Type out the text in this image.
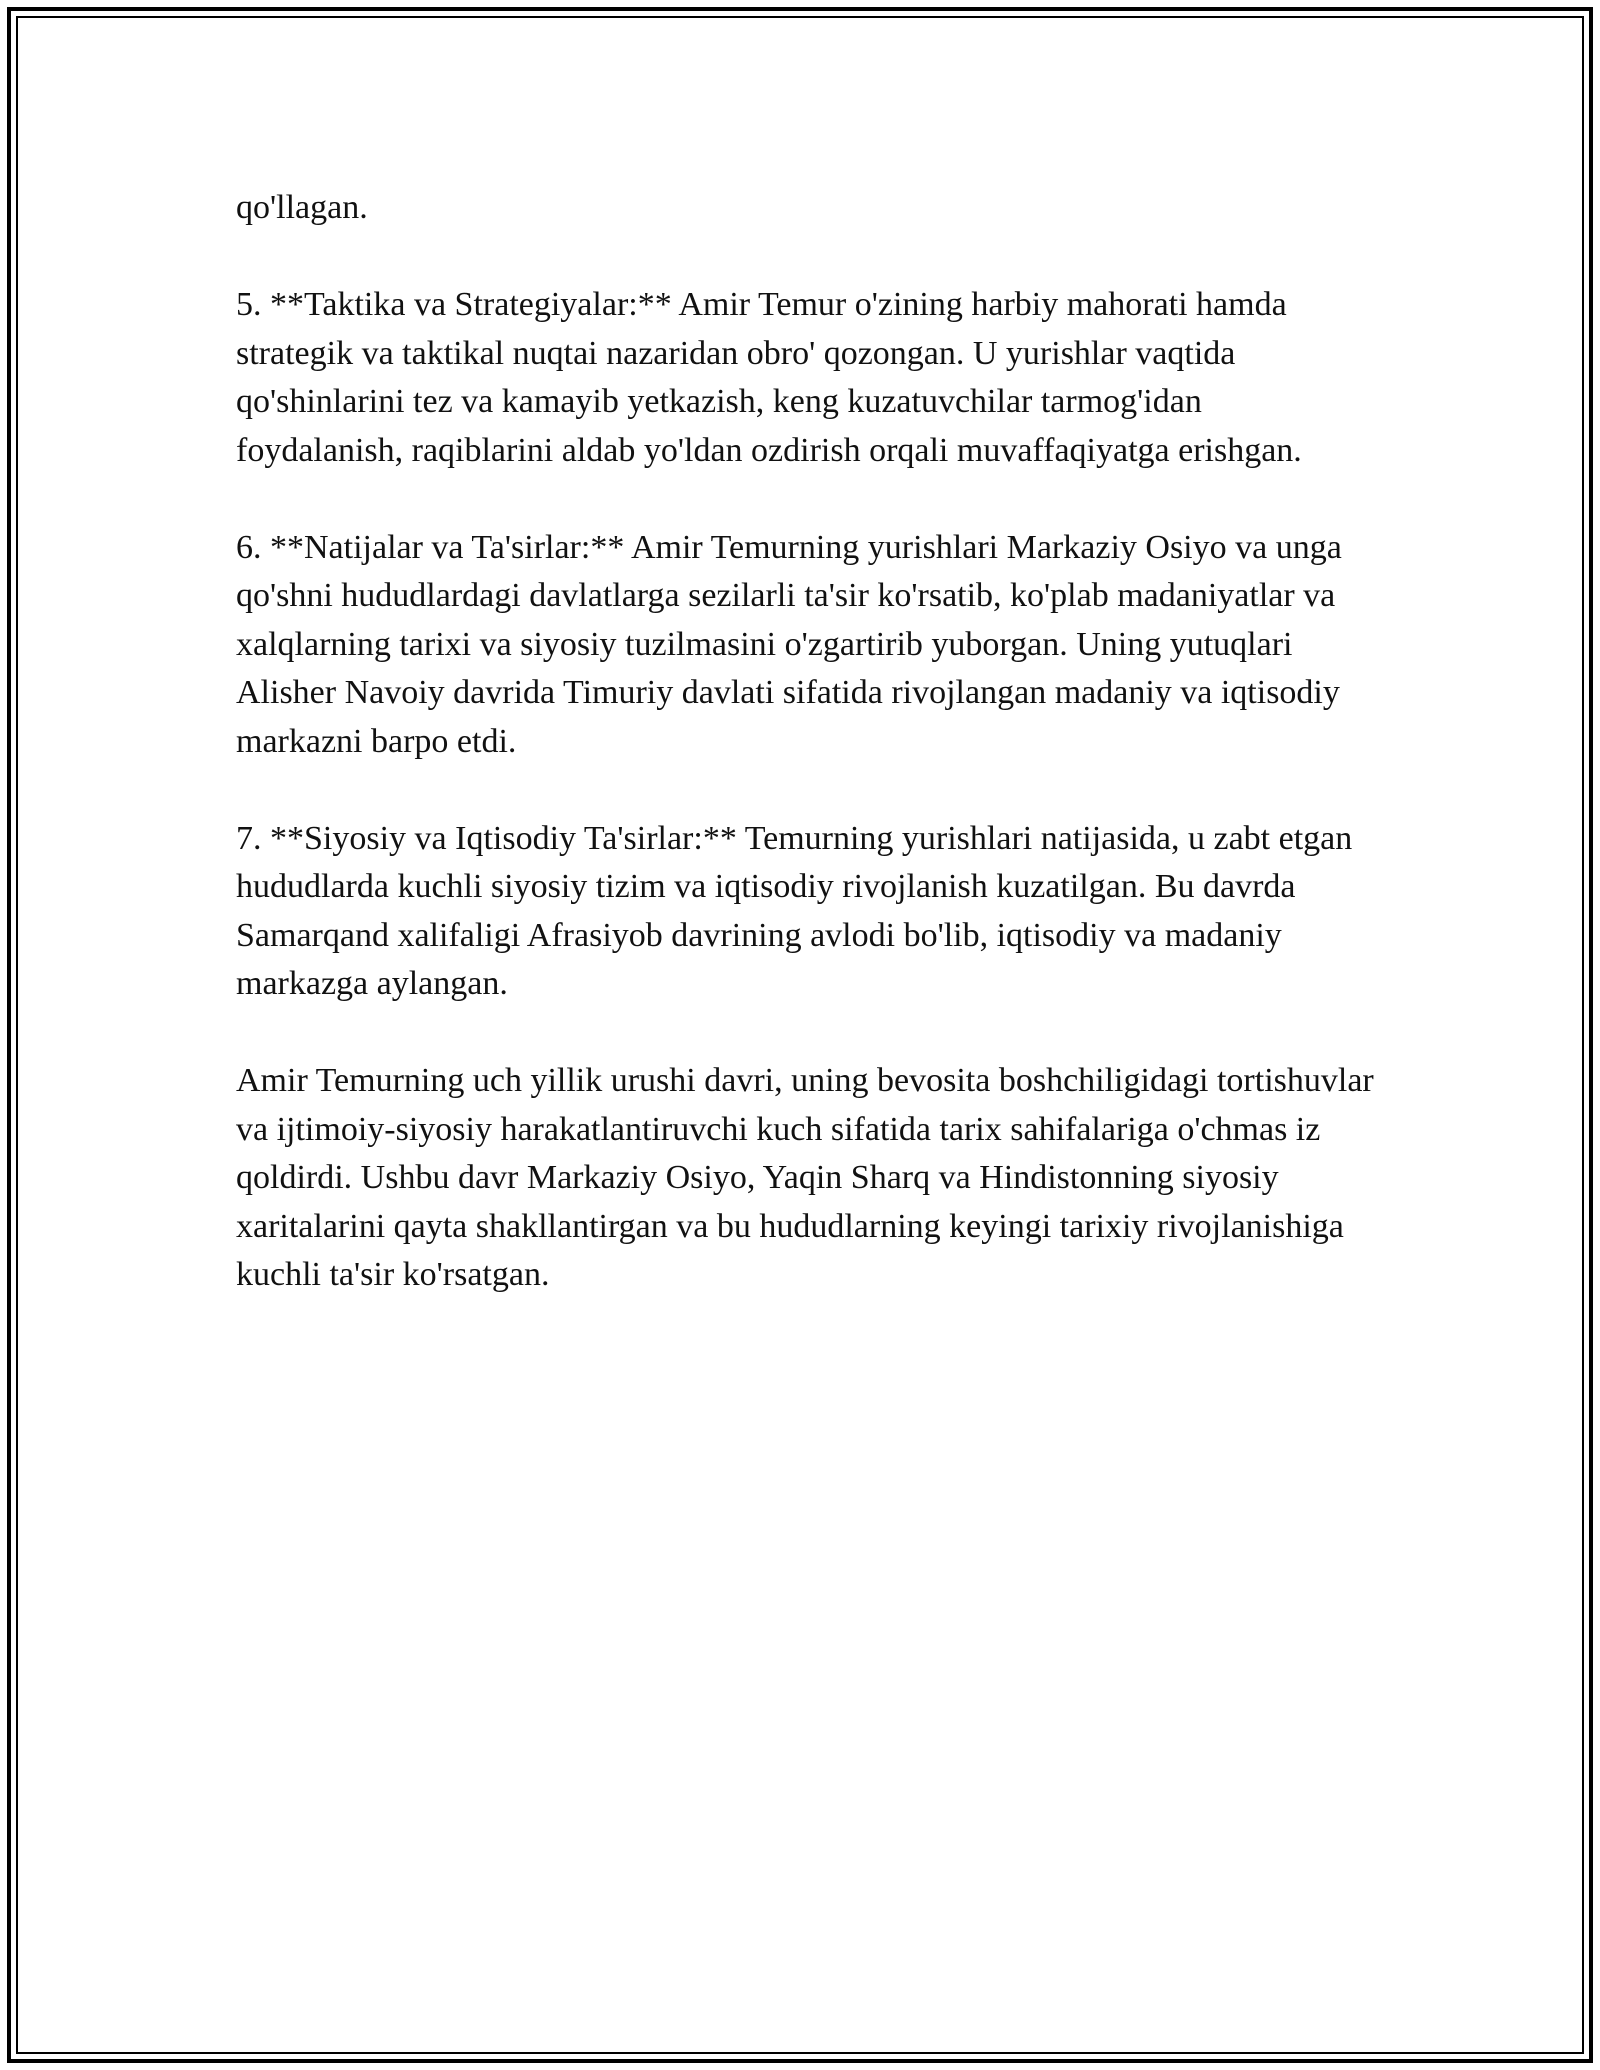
qo'llagan.

5. **Taktika va Strategiyalar:** Amir Temur o'zining harbiy mahorati hamda strategik va taktikal nuqtai nazaridan obro' qozongan. U yurishlar vaqtida qo'shinlarini tez va kamayib yetkazish, keng kuzatuvchilar tarmog'idan foydalanish, raqiblarini aldab yo'ldan ozdirish orqali muvaffaqiyatga erishgan.

6. **Natijalar va Ta'sirlar:** Amir Temurning yurishlari Markaziy Osiyo va unga qo'shni hududlardagi davlatlarga sezilarli ta'sir ko'rsatib, ko'plab madaniyatlar va xalqlarning tarixi va siyosiy tuzilmasini o'zgartirib yuborgan. Uning yutuqlari Alisher Navoiy davrida Timuriy davlati sifatida rivojlangan madaniy va iqtisodiy markazni barpo etdi.

7. **Siyosiy va Iqtisodiy Ta'sirlar:** Temurning yurishlari natijasida, u zabt etgan hududlarda kuchli siyosiy tizim va iqtisodiy rivojlanish kuzatilgan. Bu davrda Samarqand xalifaligi Afrasiyob davrining avlodi bo'lib, iqtisodiy va madaniy markazga aylangan.

Amir Temurning uch yillik urushi davri, uning bevosita boshchiligidagi tortishuvlar va ijtimoiy-siyosiy harakatlantiruvchi kuch sifatida tarix sahifalariga o'chmas iz qoldirdi. Ushbu davr Markaziy Osiyo, Yaqin Sharq va Hindistonning siyosiy xaritalarini qayta shakllantirgan va bu hududlarning keyingi tarixiy rivojlanishiga kuchli ta'sir ko'rsatgan.
